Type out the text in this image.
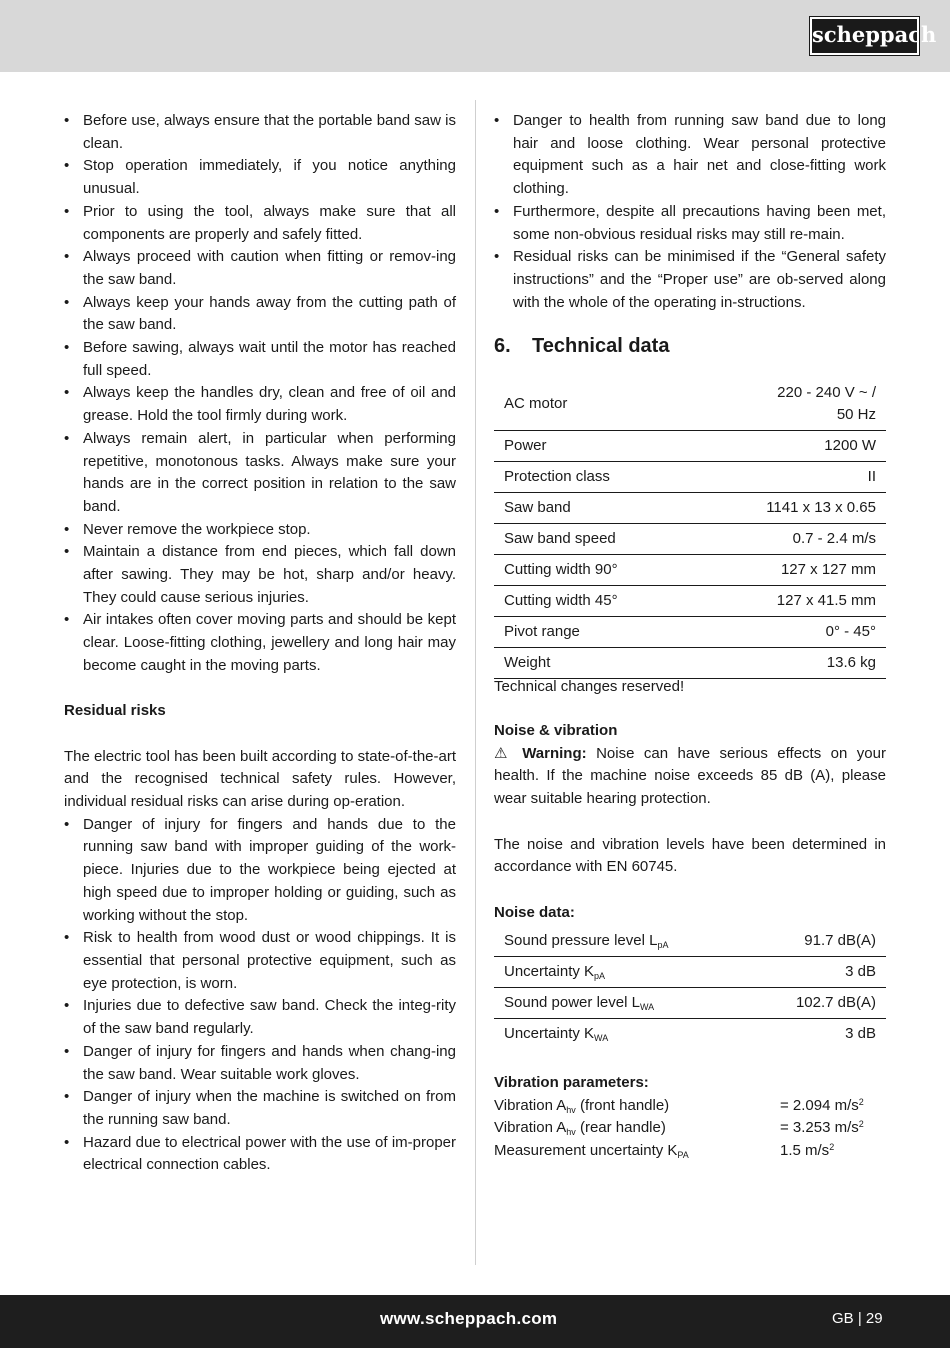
scheppach
• Before use, always ensure that the portable band saw is clean.
• Stop operation immediately, if you notice anything unusual.
• Prior to using the tool, always make sure that all components are properly and safely fitted.
• Always proceed with caution when fitting or remov-ing the saw band.
• Always keep your hands away from the cutting path of the saw band.
• Before sawing, always wait until the motor has reached full speed.
• Always keep the handles dry, clean and free of oil and grease. Hold the tool firmly during work.
• Always remain alert, in particular when performing repetitive, monotonous tasks. Always make sure your hands are in the correct position in relation to the saw band.
• Never remove the workpiece stop.
• Maintain a distance from end pieces, which fall down after sawing. They may be hot, sharp and/or heavy. They could cause serious injuries.
• Air intakes often cover moving parts and should be kept clear. Loose-fitting clothing, jewellery and long hair may become caught in the moving parts.

Residual risks

The electric tool has been built according to state-of-the-art and the recognised technical safety rules. However, individual residual risks can arise during op-eration.

• Danger of injury for fingers and hands due to the running saw band with improper guiding of the work-piece. Injuries due to the workpiece being ejected at high speed due to improper holding or guiding, such as working without the stop.
• Risk to health from wood dust or wood chippings. It is essential that personal protective equipment, such as eye protection, is worn.
• Injuries due to defective saw band. Check the integ-rity of the saw band regularly.
• Danger of injury for fingers and hands when chang-ing the saw band. Wear suitable work gloves.
• Danger of injury when the machine is switched on from the running saw band.
• Hazard due to electrical power with the use of im-proper electrical connection cables.
• Danger to health from running saw band due to long hair and loose clothing. Wear personal protective equipment such as a hair net and close-fitting work clothing.
• Furthermore, despite all precautions having been met, some non-obvious residual risks may still re-main.
• Residual risks can be minimised if the “General safety instructions” and the “Proper use” are ob-served along with the whole of the operating in-structions.
6. Technical data
AC motor	220 - 240 V ~ /
50 Hz
Power	1200 W
Protection class	II
Saw band	1141 x 13 x 0.65
Saw band speed	0.7 - 2.4 m/s
Cutting width 90°	127 x 127 mm
Cutting width 45°	127 x 41.5 mm
Pivot range	0° - 45°
Weight	13.6 kg

Technical changes reserved!

Noise & vibration

⚠ Warning: Noise can have serious effects on your health. If the machine noise exceeds 85 dB (A), please wear suitable hearing protection.

The noise and vibration levels have been determined in accordance with EN 60745.

Noise data:

Sound pressure level $L_{pA}$	91.7 dB(A)
Uncertainty $K_{pA}$	3 dB
Sound power level $L_{WA}$	102.7 dB(A)
Uncertainty $K_{WA}$	3 dB

Vibration parameters:

Vibration $A_{hv}$ (front handle)	= 2.094 $m/s^2$
Vibration $A_{hv}$ (rear handle)	= 3.253 $m/s^2$
Measurement uncertainty $K_{PA}$	1.5 $m/s^2$
www.scheppach.com	GB | 29
